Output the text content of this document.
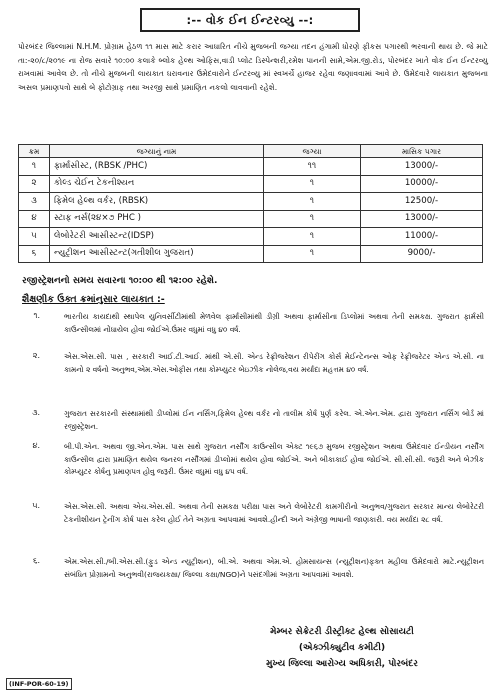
:-- વોક ઈન ઈન્ટરવ્યુ --:
પોરબંદર જિલ્લામાં N.H.M. પ્રોગ્રામ હેઠળ ૧૧ માસ માટે કરાર આધારિત નીચે મુજબની જગ્યા તદન હંગામી ધોરણે ફીકસ પગારથી ભરવાની થાય છે. જે માટે તા:-૨૦/૮/૨૦૧૯ ના રોજ સવારે ૧૦:૦૦ કલાકે બ્લોક હેલ્થ ઓફિસ,વાડી પ્લોટ ડિસ્પેન્શરી,રમેશ પાનની સામે,એમ.જી.રોડ, પોરબંદર ખાતે વોક ઈન ઈન્ટરવ્યુ રાખવામાં આવેલ છે. તો નીચે મુજબની લાયકાત ધરાવનાર ઉમેદવારોને ઈન્ટરવ્યુ માં સ્વખર્ચે હાજર રહેવા જણાવવામાં આવે છે. ઉમેદવારે લાયકાત મુજબના અસલ પ્રમાણપત્રો સાથે બે ફોટોગ્રાફ તથા અરજી સાથે પ્રમાણિત નકલો લાવવાની રહેશે.
ક્રમ	જગ્યાનું નામ	જગ્યા	માસિક પગાર
૧	ફાર્માસીસ્ટ, (RBSK /PHC)	૧૧	13000/-
૨	કોલ્ડ ચેઈન ટેકનીશ્યન	૧	10000/-
૩	ફિમેલ હેલ્થ વર્કર, (RBSK)	૧	12500/-
૪	સ્ટાફ નર્સ(૨૪×૭ PHC )	૧	13000/-
૫	લેબોરેટરી આસીસ્ટન્ટ(IDSP)	૧	11000/-
૬	ન્યુટ્રીશન આસીસ્ટન્ટ(ગતીશીલ ગુજરાત)	૧	9000/-
રજીસ્ટ્રેશનનો સમય સવારના ૧૦:૦૦ થી ૧૨:૦૦ રહેશે.
શૈક્ષણીક ઉક્ત ક્રમાંનુસાર લાયકાત :-
૧.	ભારતીય કાયદાથી સ્થાપેલ યુનિવર્સીટીમાંથી મેળવેલ ફાર્માસીમાંથી ડીગ્રી અથવા ફાર્માસીના ડિપ્લોમાં અથવા તેની સમકક્ષ. ગુજરાત ફાર્મસી કાઉન્સીલમાં નોંધાયેલ હોવા જોઈએ.ઉંમર વધુમાં વધુ ૪૦ વર્ષ.
૨.	એસ.એસ.સી. પાસ , સરકારી આઈ.ટી.આઈ. માંથી એ.સી. એન્ડ રેફ્રીજરેશન રીપેરીંગ કોર્સ મેઈન્ટેનન્સ ઓફ રેફ્રીજરેટર એન્ડ એ.સી. ના કામનો ૨ વર્ષનો અનુભવ,એમ.એસ.ઓફીસ તથા કોમ્પ્યુટર બેઇઝીક નોલેજ,વય મર્યાદા મહત્તમ ૪૦ વર્ષ.
૩.	ગુજરાત સરકારની સંસ્થામાંથી ડીપ્લોમાં ઈન નર્સિંગ,ફિમેલ હેલ્થ વર્કર નો તાલીમ કોર્ષ પુર્ણ કરેલ. એ.એન.એમ. દ્વારા ગુજરાત નર્સિંગ બોર્ડ માં રજીસ્ટ્રેશન.
૪.	બી.પી.એન. અથવા જી.એન.એમ. પાસ સાથે ગુજરાત નર્સીંગ કાઉન્સીલ એક્ટ ૧૯૬૭ મુજબ રજીસ્ટ્રેશન અથવા ઉમેદવાર ઈન્ડીયન નર્સીંગ કાઉન્સીલ દ્વારા પ્રમાણિત થયેલ જનરલ નર્સીંગમાં ડીપ્લોમાં થયેલ હોવા જોઈએ. અને બીકાકાઈ હોવા જોઈએ. સી.સી.સી. જરૂરી અને બેઝીક કોમ્પ્યુટર કોર્ષનુ પ્રમાણપત્ર હોવુ જરૂરી. ઉંમર વધુમાં વધુ ૪૫ વર્ષ.
૫.	એસ.એસ.સી. અથવા એચ.એસ.સી. અથવા તેની સમકક્ષ પરીક્ષા પાસ અને લેબોરેટરી કામગીરીનો અનુભવ/ગુજરાત સરકાર માન્ય લેબોરેટરી ટેકનીશીયન ટ્રેનીંગ કોર્ષ પાસ કરેલ હોઈ તેને અગ્રતા આપવામાં આવશે.હીન્દી અને અંગ્રેજી ભાષાની જાણકારી. વય મર્યાદા ૨૮ વર્ષ.
૬.	એમ.એસ.સી./બી.એસ.સી.(ફુડ એન્ડ ન્યુટ્રીશન), બી.એ. અથવા એમ.એ. હોમસાયન્સ (ન્યુટ્રીશન)ફક્ત મહીલા ઉમેદવારો માટે.ન્યુટ્રીશન સંબંધિત પ્રોગ્રામનો અનુભવી(રાજયકક્ષા/ જિલ્લા કક્ષા/NGO)ને પસંદગીમાં અગ્રતા આપવામાં આવશે.
મેમ્બર સેક્રેટરી ડીસ્ટ્રીક્ટ હેલ્થ સોસાયટી
(એક્ઝીક્યુટીવ કમીટી)
મુખ્ય જિલ્લા આરોગ્ય અધિકારી, પોરબંદર
(INF-POR-60-19)
